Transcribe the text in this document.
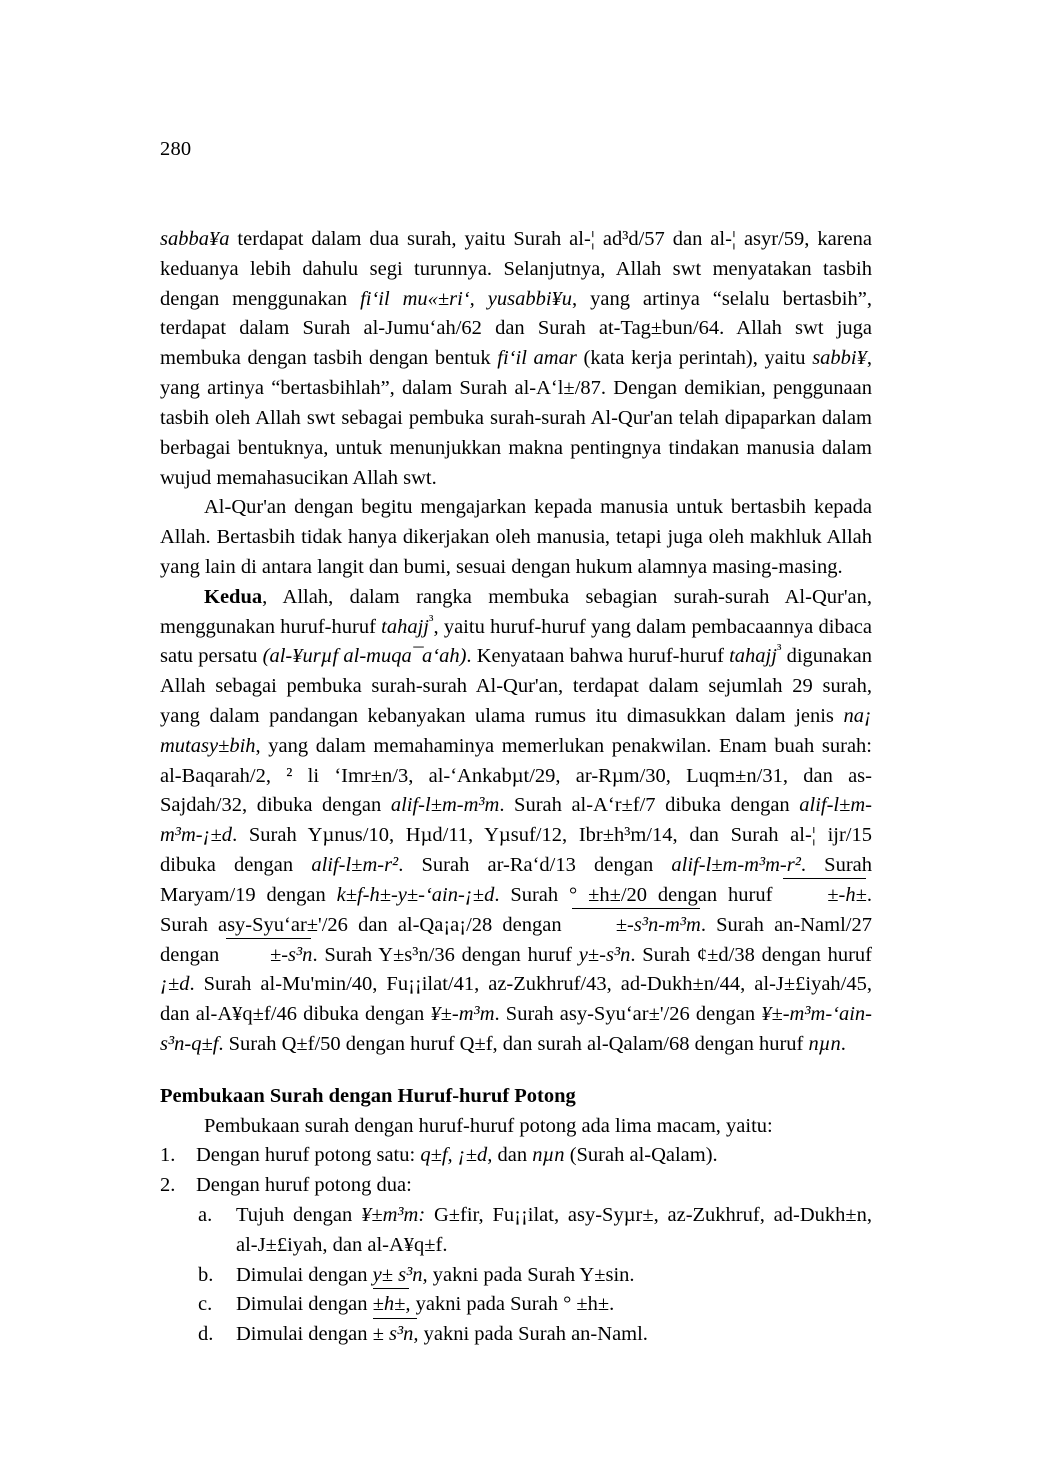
280

sabba¥a terdapat dalam dua surah, yaitu Surah al-¦ ad³d/57 dan al-¦ asyr/59, karena keduanya lebih dahulu segi turunnya. Selanjutnya, Allah swt menyatakan tasbih dengan menggunakan fi‘il mu«±ri‘, yusabbi¥u, yang artinya “selalu bertasbih”, terdapat dalam Surah al-Jumu‘ah/62 dan Surah at-Tag±bun/64. Allah swt juga membuka dengan tasbih dengan bentuk fi‘il amar (kata kerja perintah), yaitu sabbi¥, yang artinya “bertasbihlah”, dalam Surah al-A‘l±/87. Dengan demikian, penggunaan tasbih oleh Allah swt sebagai pembuka surah-surah Al-Qur'an telah dipaparkan dalam berbagai bentuknya, untuk menunjukkan makna pentingnya tindakan manusia dalam wujud memahasucikan Allah swt.

Al-Qur'an dengan begitu mengajarkan kepada manusia untuk bertasbih kepada Allah. Bertasbih tidak hanya dikerjakan oleh manusia, tetapi juga oleh makhluk Allah yang lain di antara langit dan bumi, sesuai dengan hukum alamnya masing-masing.

Kedua, Allah, dalam rangka membuka sebagian surah-surah Al-Qur'an, menggunakan huruf-huruf tahajj$^{^3}$, yaitu huruf-huruf yang dalam pembacaannya dibaca satu persatu (al-¥urµf al-muqa¯a‘ah). Kenyataan bahwa huruf-huruf tahajj$^{^3}$ digunakan Allah sebagai pembuka surah-surah Al-Qur'an, terdapat dalam sejumlah 29 surah, yang dalam pandangan kebanyakan ulama rumus itu dimasukkan dalam jenis na¡ mutasy±bih, yang dalam memahaminya memerlukan penakwilan. Enam buah surah: al-Baqarah/2, ² li ‘Imr±n/3, al-‘Ankabµt/29, ar-Rµm/30, Luqm±n/31, dan as-Sajdah/32, dibuka dengan alif-l±m-m³m. Surah al-A‘r±f/7 dibuka dengan alif-l±m-m³m-¡±d. Surah Yµnus/10, Hµd/11, Yµsuf/12, Ibr±h³m/14, dan Surah al-¦ ijr/15 dibuka dengan alif-l±m-r². Surah ar-Ra‘d/13 dengan alif-l±m-m³m-r². Surah Maryam/19 dengan k±f-h±-y±-‘ain-¡±d. Surah ° ±h±/20 dengan huruf ±-h±. Surah asy-Syu‘ar±'/26 dan al-Qa¡a¡/28 dengan ±-s³n-m³m. Surah an-Naml/27 dengan ±-s³n. Surah Y±s³n/36 dengan huruf y±-s³n. Surah ¢±d/38 dengan huruf ¡±d. Surah al-Mu'min/40, Fu¡¡ilat/41, az-Zukhruf/43, ad-Dukh±n/44, al-J±£iyah/45, dan al-A¥q±f/46 dibuka dengan ¥±-m³m. Surah asy-Syu‘ar±'/26 dengan ¥±-m³m-‘ain-s³n-q±f. Surah Q±f/50 dengan huruf Q±f, dan surah al-Qalam/68 dengan huruf nµn.

Pembukaan Surah dengan Huruf-huruf Potong

Pembukaan surah dengan huruf-huruf potong ada lima macam, yaitu:

1.	Dengan huruf potong satu: q±f, ¡±d, dan nµn (Surah al-Qalam).
2.	Dengan huruf potong dua:
a.	Tujuh dengan ¥±m³m: G±fir, Fu¡¡ilat, asy-Syµr±, az-Zukhruf, ad-Dukh±n, al-J±£iyah, dan al-A¥q±f.
b.	Dimulai dengan y± s³n, yakni pada Surah Y±sin.
c.	Dimulai dengan ±h±, yakni pada Surah ° ±h±.
d.	Dimulai dengan ± s³n, yakni pada Surah an-Naml.
